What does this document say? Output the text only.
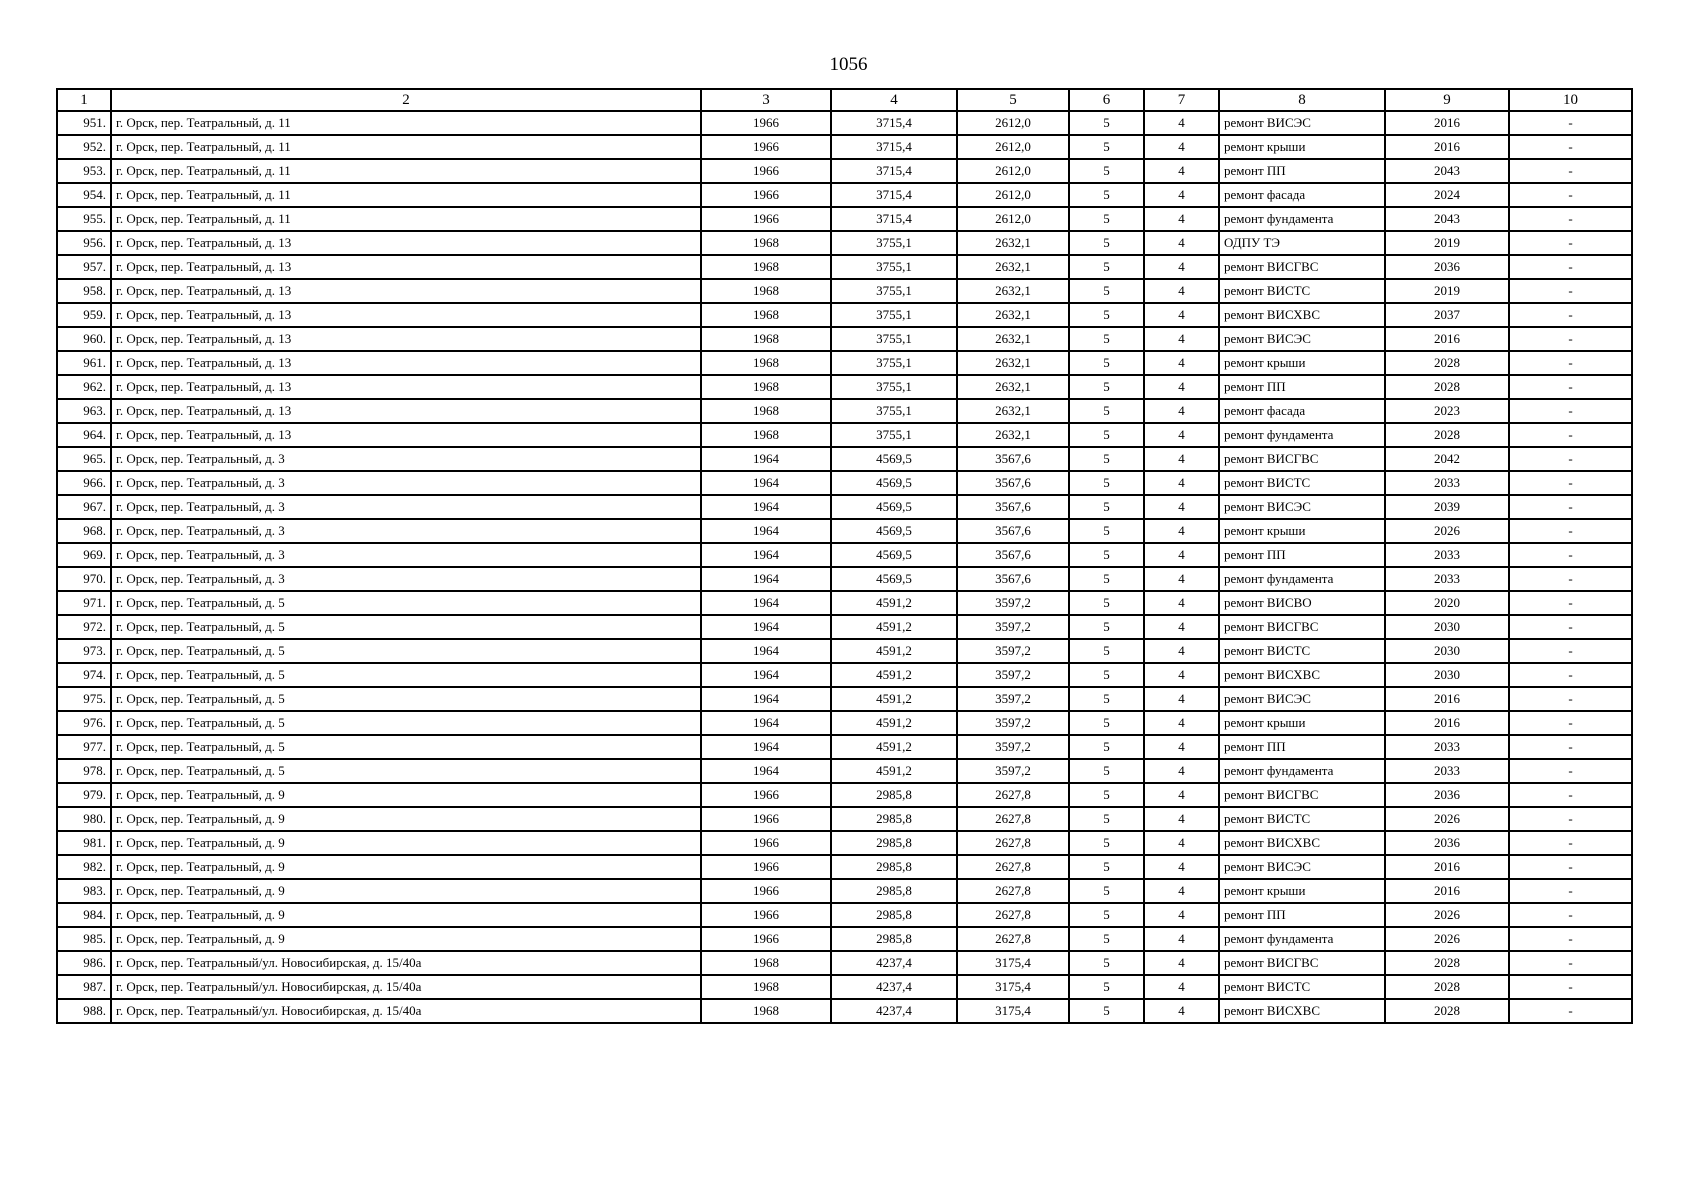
1056
1	2	3	4	5	6	7	8	9	10
951.	г. Орск, пер. Театральный, д. 11	1966	3715,4	2612,0	5	4	ремонт ВИСЭС	2016	-
952.	г. Орск, пер. Театральный, д. 11	1966	3715,4	2612,0	5	4	ремонт крыши	2016	-
953.	г. Орск, пер. Театральный, д. 11	1966	3715,4	2612,0	5	4	ремонт ПП	2043	-
954.	г. Орск, пер. Театральный, д. 11	1966	3715,4	2612,0	5	4	ремонт фасада	2024	-
955.	г. Орск, пер. Театральный, д. 11	1966	3715,4	2612,0	5	4	ремонт фундамента	2043	-
956.	г. Орск, пер. Театральный, д. 13	1968	3755,1	2632,1	5	4	ОДПУ ТЭ	2019	-
957.	г. Орск, пер. Театральный, д. 13	1968	3755,1	2632,1	5	4	ремонт ВИСГВС	2036	-
958.	г. Орск, пер. Театральный, д. 13	1968	3755,1	2632,1	5	4	ремонт ВИСТС	2019	-
959.	г. Орск, пер. Театральный, д. 13	1968	3755,1	2632,1	5	4	ремонт ВИСХВС	2037	-
960.	г. Орск, пер. Театральный, д. 13	1968	3755,1	2632,1	5	4	ремонт ВИСЭС	2016	-
961.	г. Орск, пер. Театральный, д. 13	1968	3755,1	2632,1	5	4	ремонт крыши	2028	-
962.	г. Орск, пер. Театральный, д. 13	1968	3755,1	2632,1	5	4	ремонт ПП	2028	-
963.	г. Орск, пер. Театральный, д. 13	1968	3755,1	2632,1	5	4	ремонт фасада	2023	-
964.	г. Орск, пер. Театральный, д. 13	1968	3755,1	2632,1	5	4	ремонт фундамента	2028	-
965.	г. Орск, пер. Театральный, д. 3	1964	4569,5	3567,6	5	4	ремонт ВИСГВС	2042	-
966.	г. Орск, пер. Театральный, д. 3	1964	4569,5	3567,6	5	4	ремонт ВИСТС	2033	-
967.	г. Орск, пер. Театральный, д. 3	1964	4569,5	3567,6	5	4	ремонт ВИСЭС	2039	-
968.	г. Орск, пер. Театральный, д. 3	1964	4569,5	3567,6	5	4	ремонт крыши	2026	-
969.	г. Орск, пер. Театральный, д. 3	1964	4569,5	3567,6	5	4	ремонт ПП	2033	-
970.	г. Орск, пер. Театральный, д. 3	1964	4569,5	3567,6	5	4	ремонт фундамента	2033	-
971.	г. Орск, пер. Театральный, д. 5	1964	4591,2	3597,2	5	4	ремонт ВИСВО	2020	-
972.	г. Орск, пер. Театральный, д. 5	1964	4591,2	3597,2	5	4	ремонт ВИСГВС	2030	-
973.	г. Орск, пер. Театральный, д. 5	1964	4591,2	3597,2	5	4	ремонт ВИСТС	2030	-
974.	г. Орск, пер. Театральный, д. 5	1964	4591,2	3597,2	5	4	ремонт ВИСХВС	2030	-
975.	г. Орск, пер. Театральный, д. 5	1964	4591,2	3597,2	5	4	ремонт ВИСЭС	2016	-
976.	г. Орск, пер. Театральный, д. 5	1964	4591,2	3597,2	5	4	ремонт крыши	2016	-
977.	г. Орск, пер. Театральный, д. 5	1964	4591,2	3597,2	5	4	ремонт ПП	2033	-
978.	г. Орск, пер. Театральный, д. 5	1964	4591,2	3597,2	5	4	ремонт фундамента	2033	-
979.	г. Орск, пер. Театральный, д. 9	1966	2985,8	2627,8	5	4	ремонт ВИСГВС	2036	-
980.	г. Орск, пер. Театральный, д. 9	1966	2985,8	2627,8	5	4	ремонт ВИСТС	2026	-
981.	г. Орск, пер. Театральный, д. 9	1966	2985,8	2627,8	5	4	ремонт ВИСХВС	2036	-
982.	г. Орск, пер. Театральный, д. 9	1966	2985,8	2627,8	5	4	ремонт ВИСЭС	2016	-
983.	г. Орск, пер. Театральный, д. 9	1966	2985,8	2627,8	5	4	ремонт крыши	2016	-
984.	г. Орск, пер. Театральный, д. 9	1966	2985,8	2627,8	5	4	ремонт ПП	2026	-
985.	г. Орск, пер. Театральный, д. 9	1966	2985,8	2627,8	5	4	ремонт фундамента	2026	-
986.	г. Орск, пер. Театральный/ул. Новосибирская, д. 15/40а	1968	4237,4	3175,4	5	4	ремонт ВИСГВС	2028	-
987.	г. Орск, пер. Театральный/ул. Новосибирская, д. 15/40а	1968	4237,4	3175,4	5	4	ремонт ВИСТС	2028	-
988.	г. Орск, пер. Театральный/ул. Новосибирская, д. 15/40а	1968	4237,4	3175,4	5	4	ремонт ВИСХВС	2028	-
